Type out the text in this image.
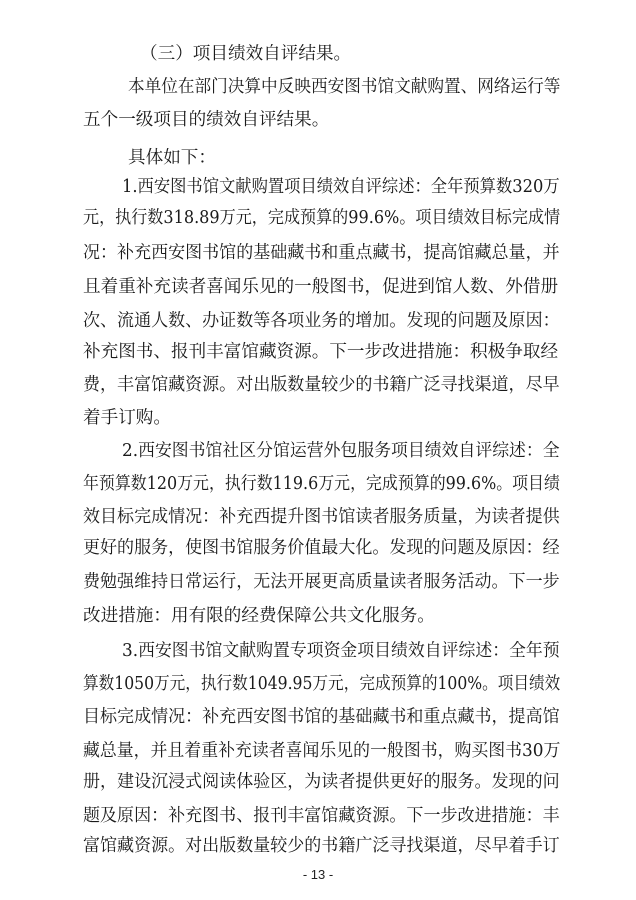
（三）项目绩效自评结果。
本单位在部门决算中反映西安图书馆文献购置、网络运行等
五个一级项目的绩效自评结果。
具体如下：
1.西安图书馆文献购置项目绩效自评综述：全年预算数320万
元，执行数318.89万元，完成预算的99.6%。项目绩效目标完成情
况：补充西安图书馆的基础藏书和重点藏书，提高馆藏总量，并
且着重补充读者喜闻乐见的一般图书，促进到馆人数、外借册
次、流通人数、办证数等各项业务的增加。发现的问题及原因：
补充图书、报刊丰富馆藏资源。下一步改进措施：积极争取经
费，丰富馆藏资源。对出版数量较少的书籍广泛寻找渠道，尽早
着手订购。
2.西安图书馆社区分馆运营外包服务项目绩效自评综述：全
年预算数120万元，执行数119.6万元，完成预算的99.6%。项目绩
效目标完成情况：补充西提升图书馆读者服务质量，为读者提供
更好的服务，使图书馆服务价值最大化。发现的问题及原因：经
费勉强维持日常运行，无法开展更高质量读者服务活动。下一步
改进措施：用有限的经费保障公共文化服务。
3.西安图书馆文献购置专项资金项目绩效自评综述：全年预
算数1050万元，执行数1049.95万元，完成预算的100%。项目绩效
目标完成情况：补充西安图书馆的基础藏书和重点藏书，提高馆
藏总量，并且着重补充读者喜闻乐见的一般图书，购买图书30万
册，建设沉浸式阅读体验区，为读者提供更好的服务。发现的问
题及原因：补充图书、报刊丰富馆藏资源。下一步改进措施：丰
富馆藏资源。对出版数量较少的书籍广泛寻找渠道，尽早着手订
- 13 -
